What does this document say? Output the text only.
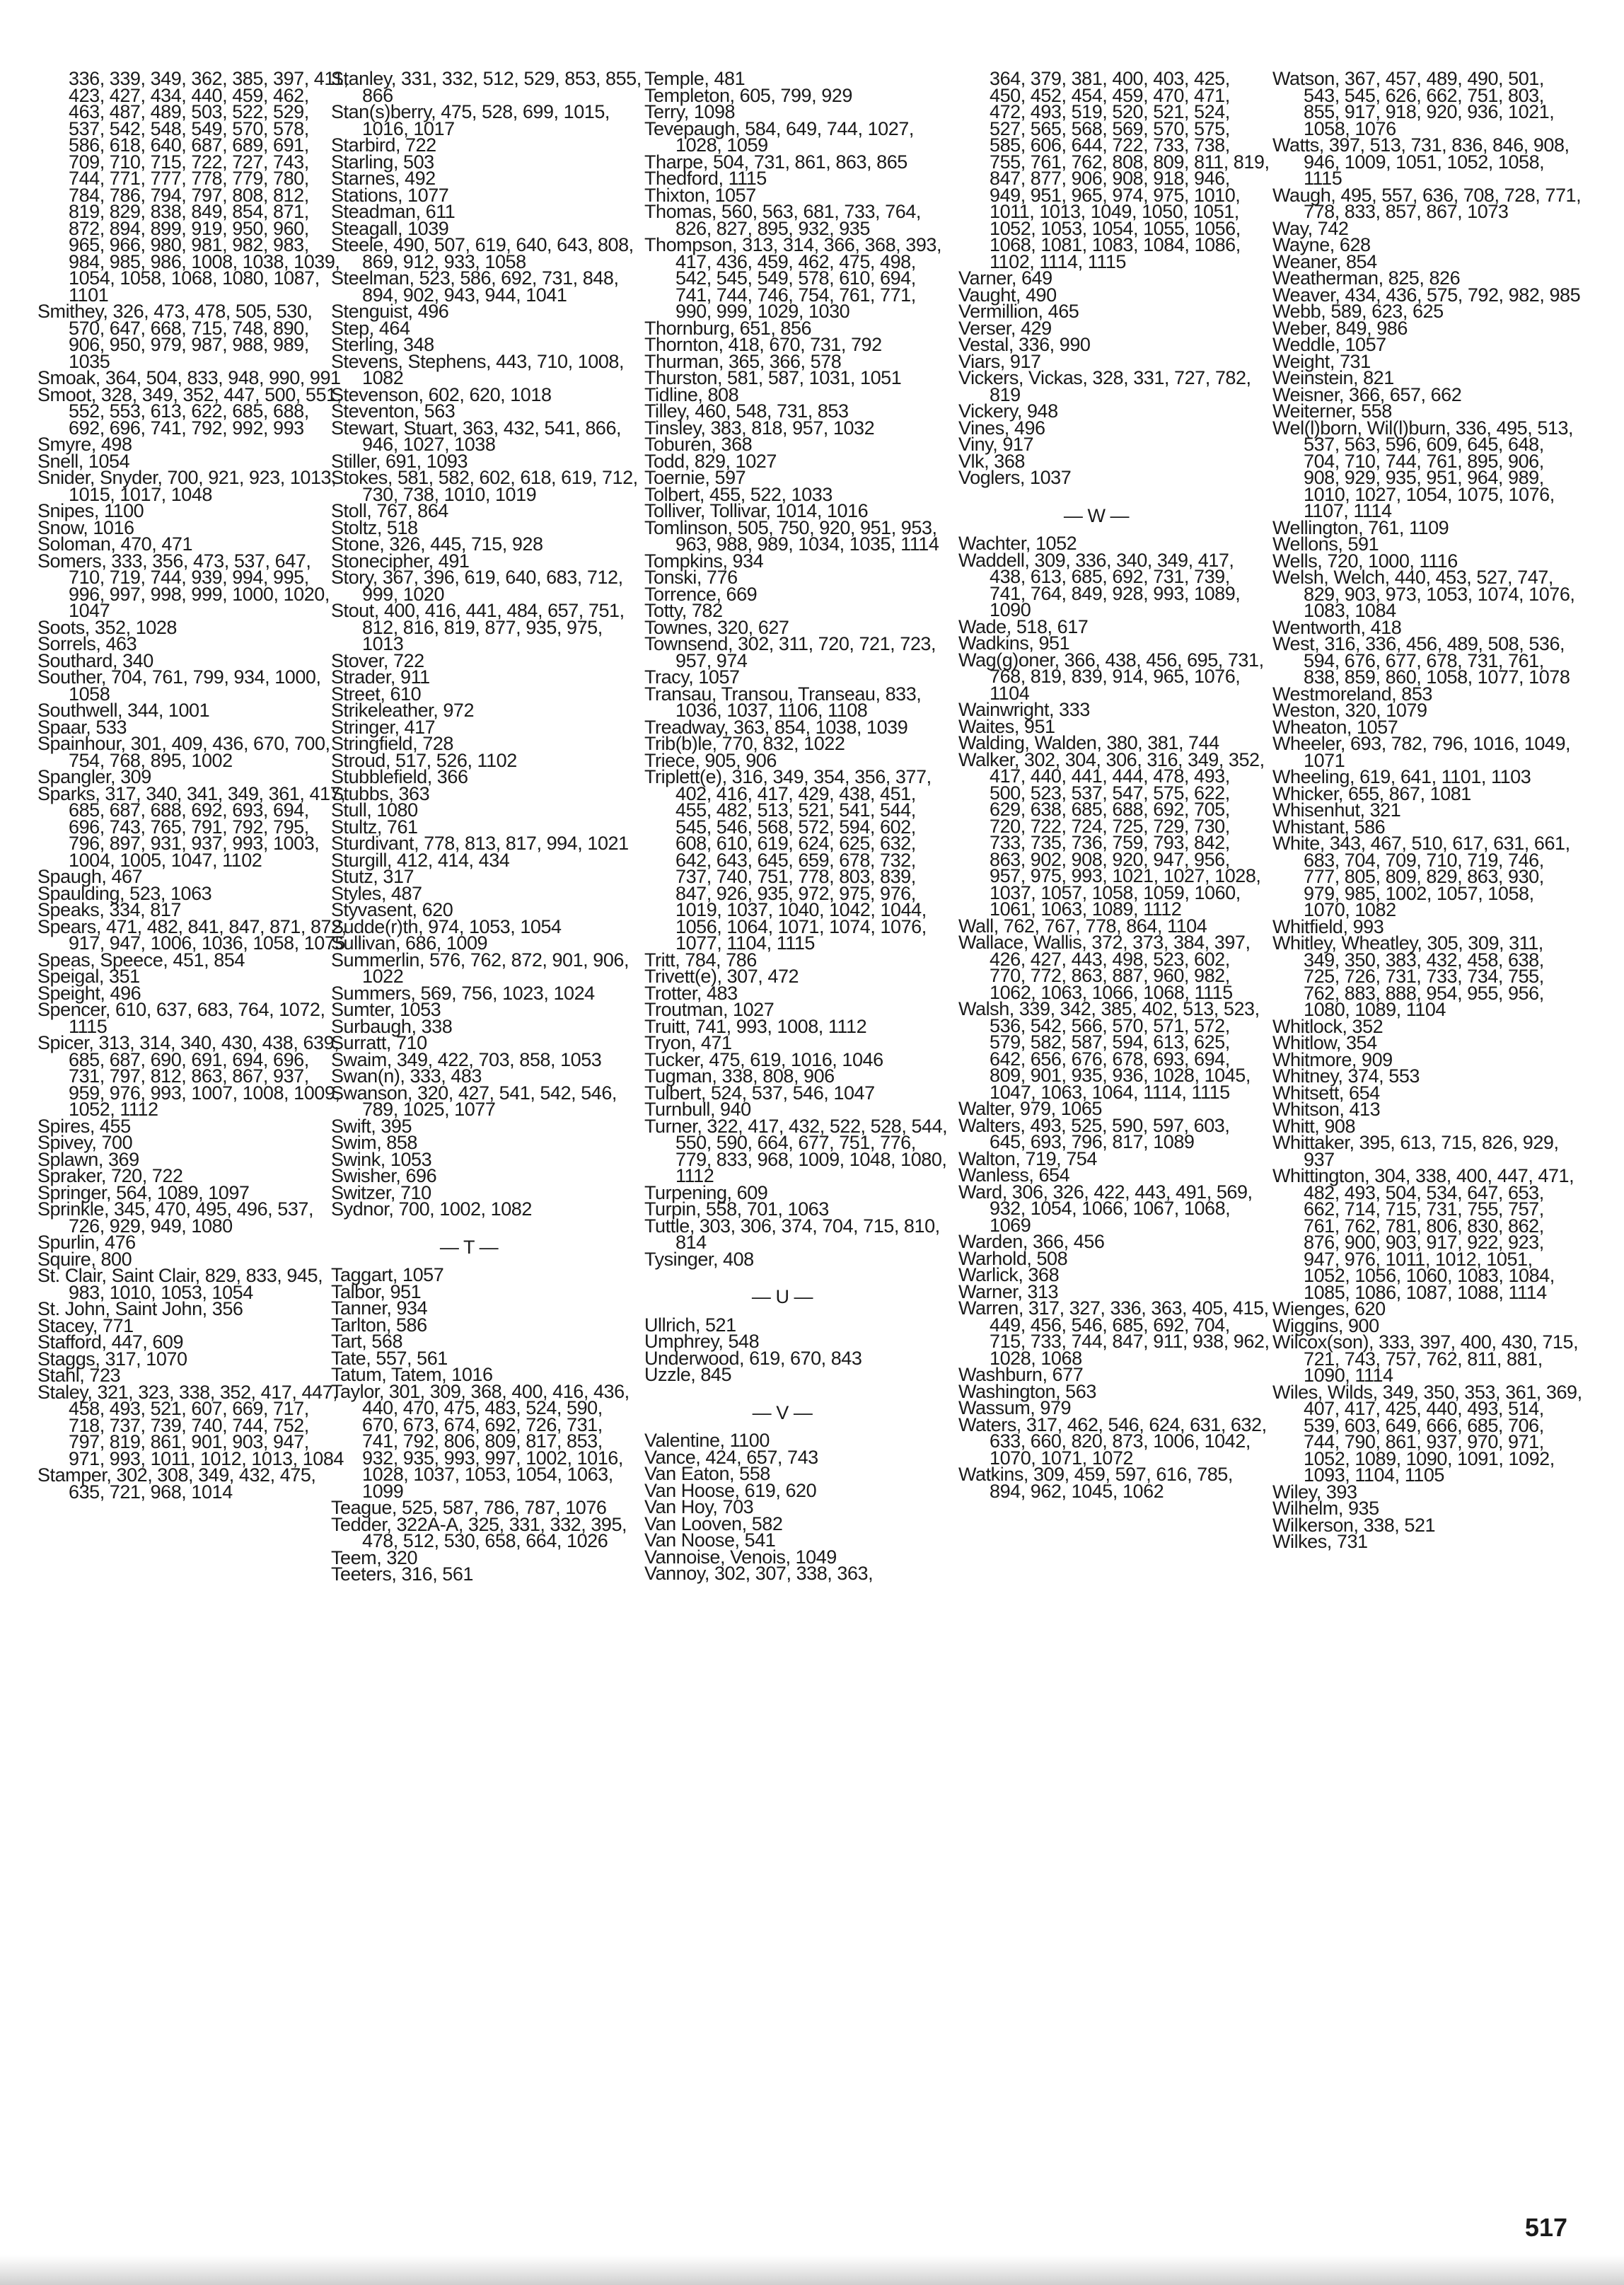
336, 339, 349, 362, 385, 397, 411, 423, 427, 434, 440, 459, 462, 463, 487, 489, 503, 522, 529, 537, 542, 548, 549, 570, 578, 586, 618, 640, 687, 689, 691, 709, 710, 715, 722, 727, 743, 744, 771, 777, 778, 779, 780, 784, 786, 794, 797, 808, 812, 819, 829, 838, 849, 854, 871, 872, 894, 899, 919, 950, 960, 965, 966, 980, 981, 982, 983, 984, 985, 986, 1008, 1038, 1039, 1054, 1058, 1068, 1080, 1087, 1101
Smithey, 326, 473, 478, 505, 530, 570, 647, 668, 715, 748, 890, 906, 950, 979, 987, 988, 989, 1035
Smoak, 364, 504, 833, 948, 990, 991
Smoot, 328, 349, 352, 447, 500, 551, 552, 553, 613, 622, 685, 688, 692, 696, 741, 792, 992, 993
Smyre, 498
Snell, 1054
Snider, Snyder, 700, 921, 923, 1013, 1015, 1017, 1048
Snipes, 1100
Snow, 1016
Soloman, 470, 471
Somers, 333, 356, 473, 537, 647, 710, 719, 744, 939, 994, 995, 996, 997, 998, 999, 1000, 1020, 1047
Soots, 352, 1028
Sorrels, 463
Southard, 340
Souther, 704, 761, 799, 934, 1000, 1058
Southwell, 344, 1001
Spaar, 533
Spainhour, 301, 409, 436, 670, 700, 754, 768, 895, 1002
Spangler, 309
Sparks, 317, 340, 341, 349, 361, 417, 685, 687, 688, 692, 693, 694, 696, 743, 765, 791, 792, 795, 796, 897, 931, 937, 993, 1003, 1004, 1005, 1047, 1102
Spaugh, 467
Spaulding, 523, 1063
Speaks, 334, 817
Spears, 471, 482, 841, 847, 871, 872, 917, 947, 1006, 1036, 1058, 1075
Speas, Speece, 451, 854
Speigal, 351
Speight, 496
Spencer, 610, 637, 683, 764, 1072, 1115
Spicer, 313, 314, 340, 430, 438, 639, 685, 687, 690, 691, 694, 696, 731, 797, 812, 863, 867, 937, 959, 976, 993, 1007, 1008, 1009, 1052, 1112
Spires, 455
Spivey, 700
Splawn, 369
Spraker, 720, 722
Springer, 564, 1089, 1097
Sprinkle, 345, 470, 495, 496, 537, 726, 929, 949, 1080
Spurlin, 476
Squire, 800
St. Clair, Saint Clair, 829, 833, 945, 983, 1010, 1053, 1054
St. John, Saint John, 356
Stacey, 771
Stafford, 447, 609
Staggs, 317, 1070
Stahl, 723
Staley, 321, 323, 338, 352, 417, 447, 458, 493, 521, 607, 669, 717, 718, 737, 739, 740, 744, 752, 797, 819, 861, 901, 903, 947, 971, 993, 1011, 1012, 1013, 1084
Stamper, 302, 308, 349, 432, 475, 635, 721, 968, 1014
Stanley, 331, 332, 512, 529, 853, 855, 866
Stan(s)berry, 475, 528, 699, 1015, 1016, 1017
Starbird, 722
Starling, 503
Starnes, 492
Stations, 1077
Steadman, 611
Steagall, 1039
Steele, 490, 507, 619, 640, 643, 808, 869, 912, 933, 1058
Steelman, 523, 586, 692, 731, 848, 894, 902, 943, 944, 1041
Stenguist, 496
Step, 464
Sterling, 348
Stevens, Stephens, 443, 710, 1008, 1082
Stevenson, 602, 620, 1018
Steventon, 563
Stewart, Stuart, 363, 432, 541, 866, 946, 1027, 1038
Stiller, 691, 1093
Stokes, 581, 582, 602, 618, 619, 712, 730, 738, 1010, 1019
Stoll, 767, 864
Stoltz, 518
Stone, 326, 445, 715, 928
Stonecipher, 491
Story, 367, 396, 619, 640, 683, 712, 999, 1020
Stout, 400, 416, 441, 484, 657, 751, 812, 816, 819, 877, 935, 975, 1013
Stover, 722
Strader, 911
Street, 610
Strikeleather, 972
Stringer, 417
Stringfield, 728
Stroud, 517, 526, 1102
Stubblefield, 366
Stubbs, 363
Stull, 1080
Stultz, 761
Sturdivant, 778, 813, 817, 994, 1021
Sturgill, 412, 414, 434
Stutz, 317
Styles, 487
Styvasent, 620
Sudde(r)th, 974, 1053, 1054
Sullivan, 686, 1009
Summerlin, 576, 762, 872, 901, 906, 1022
Summers, 569, 756, 1023, 1024
Sumter, 1053
Surbaugh, 338
Surratt, 710
Swaim, 349, 422, 703, 858, 1053
Swan(n), 333, 483
Swanson, 320, 427, 541, 542, 546, 789, 1025, 1077
Swift, 395
Swim, 858
Swink, 1053
Swisher, 696
Switzer, 710
Sydnor, 700, 1002, 1082
— T —
Taggart, 1057
Talbor, 951
Tanner, 934
Tarlton, 586
Tart, 568
Tate, 557, 561
Tatum, Tatem, 1016
Taylor, 301, 309, 368, 400, 416, 436, 440, 470, 475, 483, 524, 590, 670, 673, 674, 692, 726, 731, 741, 792, 806, 809, 817, 853, 932, 935, 993, 997, 1002, 1016, 1028, 1037, 1053, 1054, 1063, 1099
Teague, 525, 587, 786, 787, 1076
Tedder, 322A-A, 325, 331, 332, 395, 478, 512, 530, 658, 664, 1026
Teem, 320
Teeters, 316, 561
Temple, 481
Templeton, 605, 799, 929
Terry, 1098
Tevepaugh, 584, 649, 744, 1027, 1028, 1059
Tharpe, 504, 731, 861, 863, 865
Thedford, 1115
Thixton, 1057
Thomas, 560, 563, 681, 733, 764, 826, 827, 895, 932, 935
Thompson, 313, 314, 366, 368, 393, 417, 436, 459, 462, 475, 498, 542, 545, 549, 578, 610, 694, 741, 744, 746, 754, 761, 771, 990, 999, 1029, 1030
Thornburg, 651, 856
Thornton, 418, 670, 731, 792
Thurman, 365, 366, 578
Thurston, 581, 587, 1031, 1051
Tidline, 808
Tilley, 460, 548, 731, 853
Tinsley, 383, 818, 957, 1032
Toburen, 368
Todd, 829, 1027
Toernie, 597
Tolbert, 455, 522, 1033
Tolliver, Tollivar, 1014, 1016
Tomlinson, 505, 750, 920, 951, 953, 963, 988, 989, 1034, 1035, 1114
Tompkins, 934
Tonski, 776
Torrence, 669
Totty, 782
Townes, 320, 627
Townsend, 302, 311, 720, 721, 723, 957, 974
Tracy, 1057
Transau, Transou, Transeau, 833, 1036, 1037, 1106, 1108
Treadway, 363, 854, 1038, 1039
Trib(b)le, 770, 832, 1022
Triece, 905, 906
Triplett(e), 316, 349, 354, 356, 377, 402, 416, 417, 429, 438, 451, 455, 482, 513, 521, 541, 544, 545, 546, 568, 572, 594, 602, 608, 610, 619, 624, 625, 632, 642, 643, 645, 659, 678, 732, 737, 740, 751, 778, 803, 839, 847, 926, 935, 972, 975, 976, 1019, 1037, 1040, 1042, 1044, 1056, 1064, 1071, 1074, 1076, 1077, 1104, 1115
Tritt, 784, 786
Trivett(e), 307, 472
Trotter, 483
Troutman, 1027
Truitt, 741, 993, 1008, 1112
Tryon, 471
Tucker, 475, 619, 1016, 1046
Tugman, 338, 808, 906
Tulbert, 524, 537, 546, 1047
Turnbull, 940
Turner, 322, 417, 432, 522, 528, 544, 550, 590, 664, 677, 751, 776, 779, 833, 968, 1009, 1048, 1080, 1112
Turpening, 609
Turpin, 558, 701, 1063
Tuttle, 303, 306, 374, 704, 715, 810, 814
Tysinger, 408
— U —
Ullrich, 521
Umphrey, 548
Underwood, 619, 670, 843
Uzzle, 845
— V —
Valentine, 1100
Vance, 424, 657, 743
Van Eaton, 558
Van Hoose, 619, 620
Van Hoy, 703
Van Looven, 582
Van Noose, 541
Vannoise, Venois, 1049
Vannoy, 302, 307, 338, 363,
364, 379, 381, 400, 403, 425, 450, 452, 454, 459, 470, 471, 472, 493, 519, 520, 521, 524, 527, 565, 568, 569, 570, 575, 585, 606, 644, 722, 733, 738, 755, 761, 762, 808, 809, 811, 819, 847, 877, 906, 908, 918, 946, 949, 951, 965, 974, 975, 1010, 1011, 1013, 1049, 1050, 1051, 1052, 1053, 1054, 1055, 1056, 1068, 1081, 1083, 1084, 1086, 1102, 1114, 1115
Varner, 649
Vaught, 490
Vermillion, 465
Verser, 429
Vestal, 336, 990
Viars, 917
Vickers, Vickas, 328, 331, 727, 782, 819
Vickery, 948
Vines, 496
Viny, 917
Vlk, 368
Voglers, 1037
— W —
Wachter, 1052
Waddell, 309, 336, 340, 349, 417, 438, 613, 685, 692, 731, 739, 741, 764, 849, 928, 993, 1089, 1090
Wade, 518, 617
Wadkins, 951
Wag(g)oner, 366, 438, 456, 695, 731, 768, 819, 839, 914, 965, 1076, 1104
Wainwright, 333
Waites, 951
Walding, Walden, 380, 381, 744
Walker, 302, 304, 306, 316, 349, 352, 417, 440, 441, 444, 478, 493, 500, 523, 537, 547, 575, 622, 629, 638, 685, 688, 692, 705, 720, 722, 724, 725, 729, 730, 733, 735, 736, 759, 793, 842, 863, 902, 908, 920, 947, 956, 957, 975, 993, 1021, 1027, 1028, 1037, 1057, 1058, 1059, 1060, 1061, 1063, 1089, 1112
Wall, 762, 767, 778, 864, 1104
Wallace, Wallis, 372, 373, 384, 397, 426, 427, 443, 498, 523, 602, 770, 772, 863, 887, 960, 982, 1062, 1063, 1066, 1068, 1115
Walsh, 339, 342, 385, 402, 513, 523, 536, 542, 566, 570, 571, 572, 579, 582, 587, 594, 613, 625, 642, 656, 676, 678, 693, 694, 809, 901, 935, 936, 1028, 1045, 1047, 1063, 1064, 1114, 1115
Walter, 979, 1065
Walters, 493, 525, 590, 597, 603, 645, 693, 796, 817, 1089
Walton, 719, 754
Wanless, 654
Ward, 306, 326, 422, 443, 491, 569, 932, 1054, 1066, 1067, 1068, 1069
Warden, 366, 456
Warhold, 508
Warlick, 368
Warner, 313
Warren, 317, 327, 336, 363, 405, 415, 449, 456, 546, 685, 692, 704, 715, 733, 744, 847, 911, 938, 962, 1028, 1068
Washburn, 677
Washington, 563
Wassum, 979
Waters, 317, 462, 546, 624, 631, 632, 633, 660, 820, 873, 1006, 1042, 1070, 1071, 1072
Watkins, 309, 459, 597, 616, 785, 894, 962, 1045, 1062
Watson, 367, 457, 489, 490, 501, 543, 545, 626, 662, 751, 803, 855, 917, 918, 920, 936, 1021, 1058, 1076
Watts, 397, 513, 731, 836, 846, 908, 946, 1009, 1051, 1052, 1058, 1115
Waugh, 495, 557, 636, 708, 728, 771, 778, 833, 857, 867, 1073
Way, 742
Wayne, 628
Weaner, 854
Weatherman, 825, 826
Weaver, 434, 436, 575, 792, 982, 985
Webb, 589, 623, 625
Weber, 849, 986
Weddle, 1057
Weight, 731
Weinstein, 821
Weisner, 366, 657, 662
Weiterner, 558
Wel(l)born, Wil(l)burn, 336, 495, 513, 537, 563, 596, 609, 645, 648, 704, 710, 744, 761, 895, 906, 908, 929, 935, 951, 964, 989, 1010, 1027, 1054, 1075, 1076, 1107, 1114
Wellington, 761, 1109
Wellons, 591
Wells, 720, 1000, 1116
Welsh, Welch, 440, 453, 527, 747, 829, 903, 973, 1053, 1074, 1076, 1083, 1084
Wentworth, 418
West, 316, 336, 456, 489, 508, 536, 594, 676, 677, 678, 731, 761, 838, 859, 860, 1058, 1077, 1078
Westmoreland, 853
Weston, 320, 1079
Wheaton, 1057
Wheeler, 693, 782, 796, 1016, 1049, 1071
Wheeling, 619, 641, 1101, 1103
Whicker, 655, 867, 1081
Whisenhut, 321
Whistant, 586
White, 343, 467, 510, 617, 631, 661, 683, 704, 709, 710, 719, 746, 777, 805, 809, 829, 863, 930, 979, 985, 1002, 1057, 1058, 1070, 1082
Whitfield, 993
Whitley, Wheatley, 305, 309, 311, 349, 350, 383, 432, 458, 638, 725, 726, 731, 733, 734, 755, 762, 883, 888, 954, 955, 956, 1080, 1089, 1104
Whitlock, 352
Whitlow, 354
Whitmore, 909
Whitney, 374, 553
Whitsett, 654
Whitson, 413
Whitt, 908
Whittaker, 395, 613, 715, 826, 929, 937
Whittington, 304, 338, 400, 447, 471, 482, 493, 504, 534, 647, 653, 662, 714, 715, 731, 755, 757, 761, 762, 781, 806, 830, 862, 876, 900, 903, 917, 922, 923, 947, 976, 1011, 1012, 1051, 1052, 1056, 1060, 1083, 1084, 1085, 1086, 1087, 1088, 1114
Wienges, 620
Wiggins, 900
Wilcox(son), 333, 397, 400, 430, 715, 721, 743, 757, 762, 811, 881, 1090, 1114
Wiles, Wilds, 349, 350, 353, 361, 369, 407, 417, 425, 440, 493, 514, 539, 603, 649, 666, 685, 706, 744, 790, 861, 937, 970, 971, 1052, 1089, 1090, 1091, 1092, 1093, 1104, 1105
Wiley, 393
Wilhelm, 935
Wilkerson, 338, 521
Wilkes, 731
517
